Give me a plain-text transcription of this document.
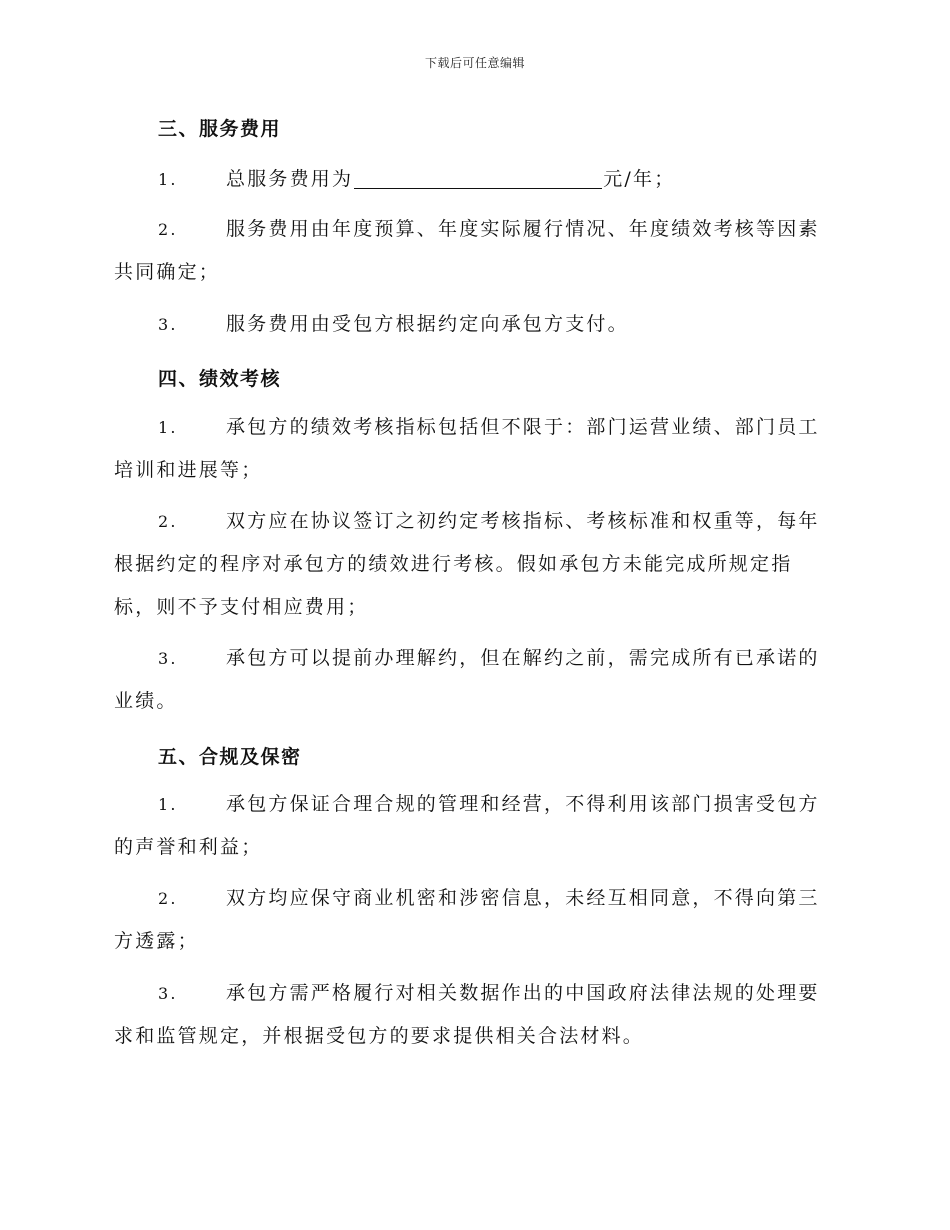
下载后可任意编辑
三、服务费用
1.	总服务费用为	元/年；
2.	服务费用由年度预算、年度实际履行情况、年度绩效考核等因素共同确定；
3.	服务费用由受包方根据约定向承包方支付。
四、绩效考核
1.	承包方的绩效考核指标包括但不限于：部门运营业绩、部门员工培训和进展等；
2.	双方应在协议签订之初约定考核指标、考核标准和权重等，每年根据约定的程序对承包方的绩效进行考核。假如承包方未能完成所规定指标，则不予支付相应费用；
3.	承包方可以提前办理解约，但在解约之前，需完成所有已承诺的业绩。
五、合规及保密
1.	承包方保证合理合规的管理和经营，不得利用该部门损害受包方的声誉和利益；
2.	双方均应保守商业机密和涉密信息，未经互相同意，不得向第三方透露；
3.	承包方需严格履行对相关数据作出的中国政府法律法规的处理要求和监管规定，并根据受包方的要求提供相关合法材料。
